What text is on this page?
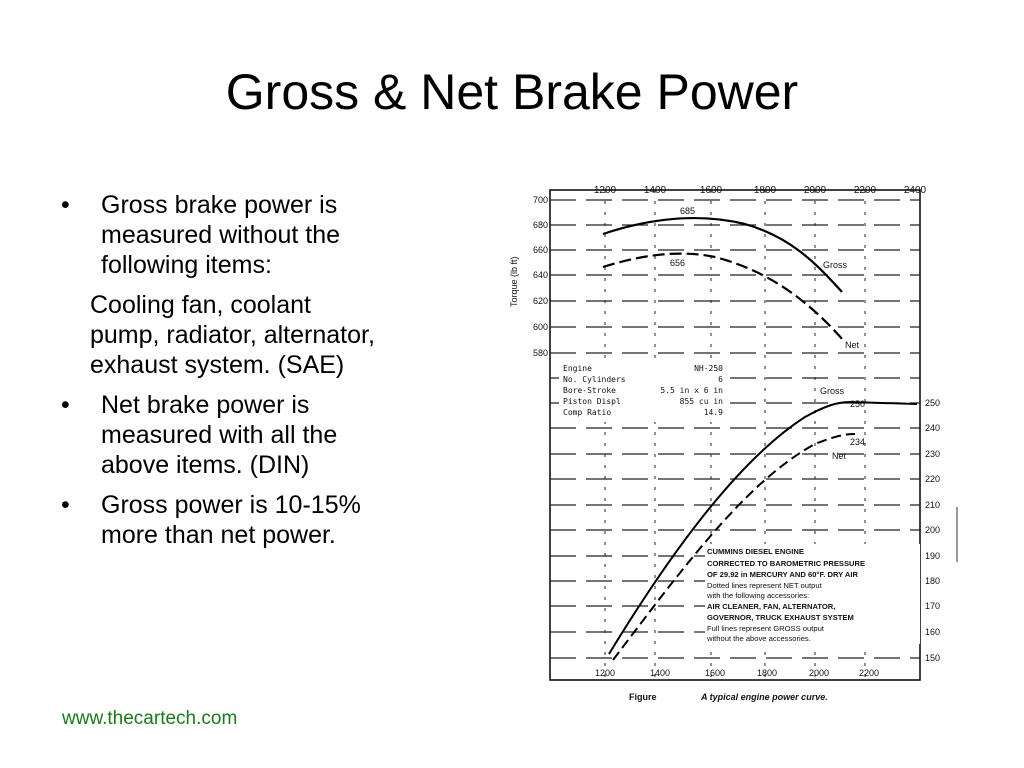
Gross & Net Brake Power
• Gross brake power is
measured without the
following items:
Cooling fan, coolant
pump, radiator, alternator,
exhaust system. (SAE)
• Net brake power is
measured with all the
above items. (DIN)
• Gross power is 10-15%
more than net power.
www.thecartech.com
1200	1400	1600	1800	2000	2200	2400
Torque (lb ft)
700
680
660
640
620
600
580
250
240
230
220
210
200
190
180
170
160
150
685
656	Gross
Net
Gross
250
234
Net
Engine	NH-250
No. Cylinders	6
Bore-Stroke	5.5 in x 6 in
Piston Displ	855 cu in
Comp Ratio	14.9
CUMMINS DIESEL ENGINE
CORRECTED TO BAROMETRIC PRESSURE
OF 29.92 in MERCURY AND 60°F. DRY AIR
Dotted lines represent NET output
with the following accessories:
AIR CLEANER, FAN, ALTERNATOR,
GOVERNOR, TRUCK EXHAUST SYSTEM
Full lines represent GROSS output
without the above accessories.
1200	1400	1600	1800	2000	2200
Figure	A typical engine power curve.
